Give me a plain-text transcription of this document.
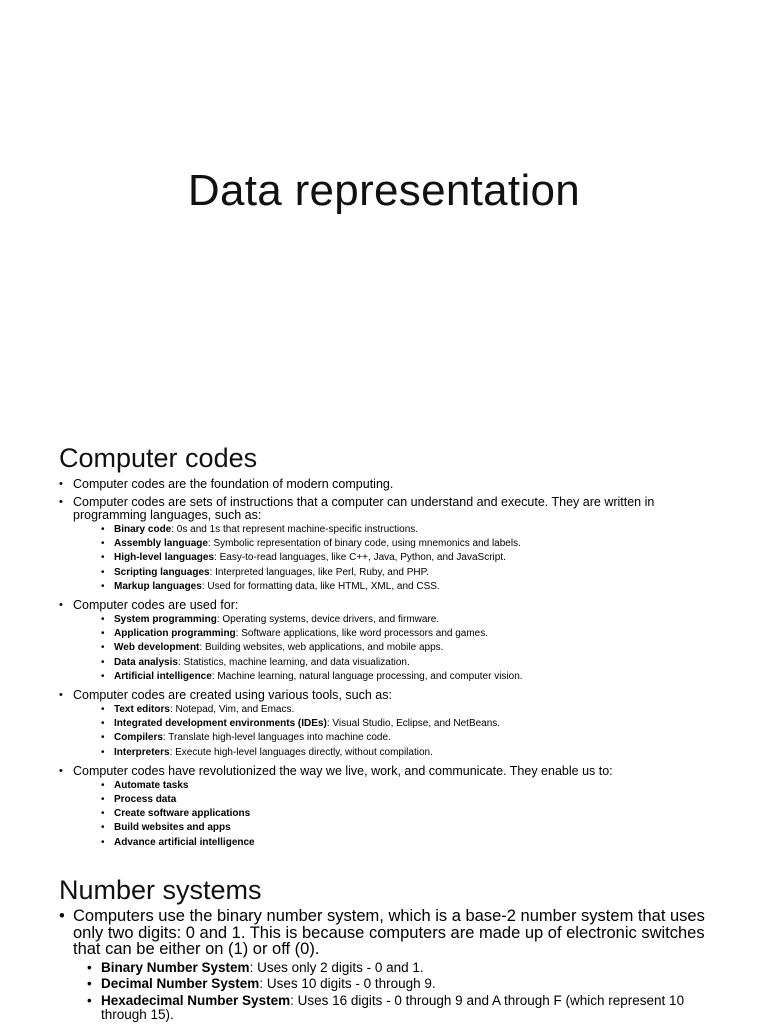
Data representation
Computer codes
• Computer codes are the foundation of modern computing.
• Computer codes are sets of instructions that a computer can understand and execute. They are written in programming languages, such as:
• Binary code: 0s and 1s that represent machine-specific instructions.
• Assembly language: Symbolic representation of binary code, using mnemonics and labels.
• High-level languages: Easy-to-read languages, like C++, Java, Python, and JavaScript.
• Scripting languages: Interpreted languages, like Perl, Ruby, and PHP.
• Markup languages: Used for formatting data, like HTML, XML, and CSS.
• Computer codes are used for:
• System programming: Operating systems, device drivers, and firmware.
• Application programming: Software applications, like word processors and games.
• Web development: Building websites, web applications, and mobile apps.
• Data analysis: Statistics, machine learning, and data visualization.
• Artificial intelligence: Machine learning, natural language processing, and computer vision.
• Computer codes are created using various tools, such as:
• Text editors: Notepad, Vim, and Emacs.
• Integrated development environments (IDEs): Visual Studio, Eclipse, and NetBeans.
• Compilers: Translate high-level languages into machine code.
• Interpreters: Execute high-level languages directly, without compilation.
• Computer codes have revolutionized the way we live, work, and communicate. They enable us to:
• Automate tasks
• Process data
• Create software applications
• Build websites and apps
• Advance artificial intelligence
Number systems
• Computers use the binary number system, which is a base-2 number system that uses only two digits: 0 and 1. This is because computers are made up of electronic switches that can be either on (1) or off (0).
• Binary Number System: Uses only 2 digits - 0 and 1.
• Decimal Number System: Uses 10 digits - 0 through 9.
• Hexadecimal Number System: Uses 16 digits - 0 through 9 and A through F (which represent 10 through 15).
